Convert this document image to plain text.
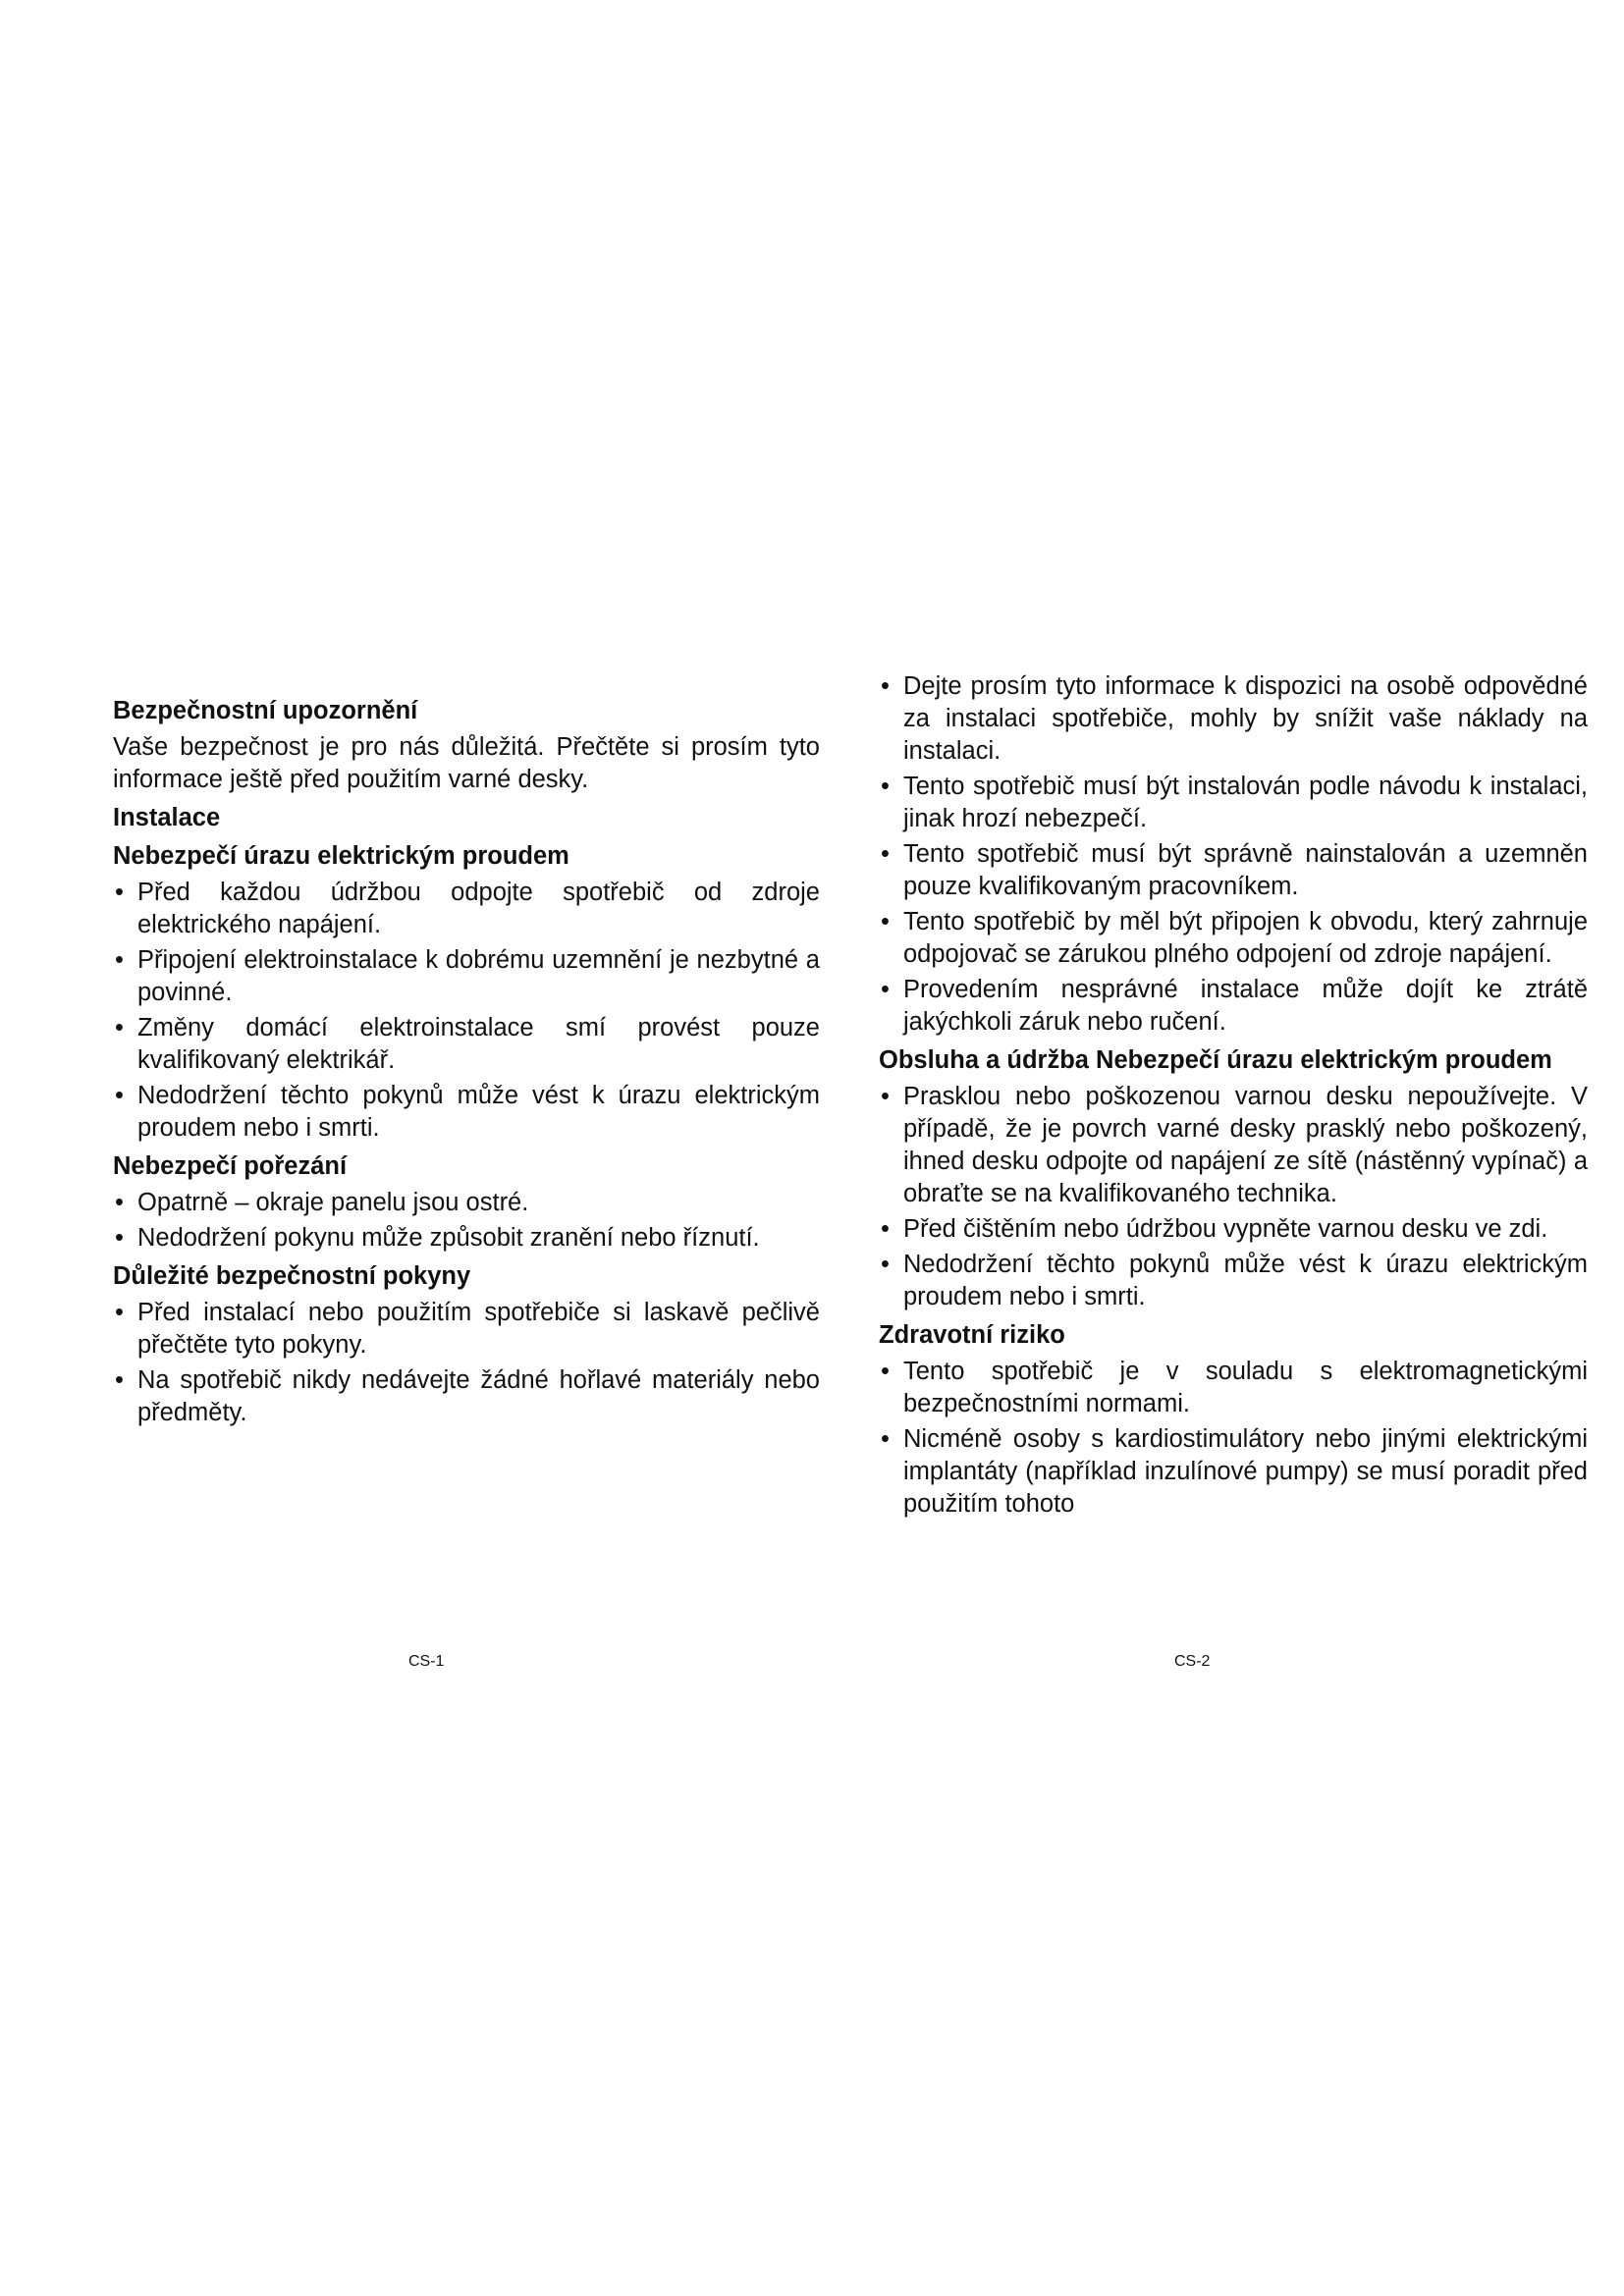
Bezpečnostní upozornění

Vaše bezpečnost je pro nás důležitá. Přečtěte si prosím tyto informace ještě před použitím varné desky.

Instalace
Nebezpečí úrazu elektrickým proudem
• Před každou údržbou odpojte spotřebič od zdroje elektrického napájení.
• Připojení elektroinstalace k dobrému uzemnění je nezbytné a povinné.
• Změny domácí elektroinstalace smí provést pouze kvalifikovaný elektrikář.
• Nedodržení těchto pokynů může vést k úrazu elektrickým proudem nebo i smrti.
Nebezpečí pořezání
• Opatrně – okraje panelu jsou ostré.
• Nedodržení pokynu může způsobit zranění nebo říznutí.
Důležité bezpečnostní pokyny
• Před instalací nebo použitím spotřebiče si laskavě pečlivě přečtěte tyto pokyny.
• Na spotřebič nikdy nedávejte žádné hořlavé materiály nebo předměty.
• Dejte prosím tyto informace k dispozici na osobě odpovědné za instalaci spotřebiče, mohly by snížit vaše náklady na instalaci.
• Tento spotřebič musí být instalován podle návodu k instalaci, jinak hrozí nebezpečí.
• Tento spotřebič musí být správně nainstalován a uzemněn pouze kvalifikovaným pracovníkem.
• Tento spotřebič by měl být připojen k obvodu, který zahrnuje odpojovač se zárukou plného odpojení od zdroje napájení.
• Provedením nesprávné instalace může dojít ke ztrátě jakýchkoli záruk nebo ručení.
Obsluha a údržba Nebezpečí úrazu elektrickým proudem
• Prasklou nebo poškozenou varnou desku nepoužívejte. V případě, že je povrch varné desky prasklý nebo poškozený, ihned desku odpojte od napájení ze sítě (nástěnný vypínač) a obraťte se na kvalifikovaného technika.
• Před čištěním nebo údržbou vypněte varnou desku ve zdi.
• Nedodržení těchto pokynů může vést k úrazu elektrickým proudem nebo i smrti.
Zdravotní riziko
• Tento spotřebič je v souladu s elektromagnetickými bezpečnostními normami.
• Nicméně osoby s kardiostimulátory nebo jinými elektrickými implantáty (například inzulínové pumpy) se musí poradit před použitím tohoto
CS-1	CS-2
